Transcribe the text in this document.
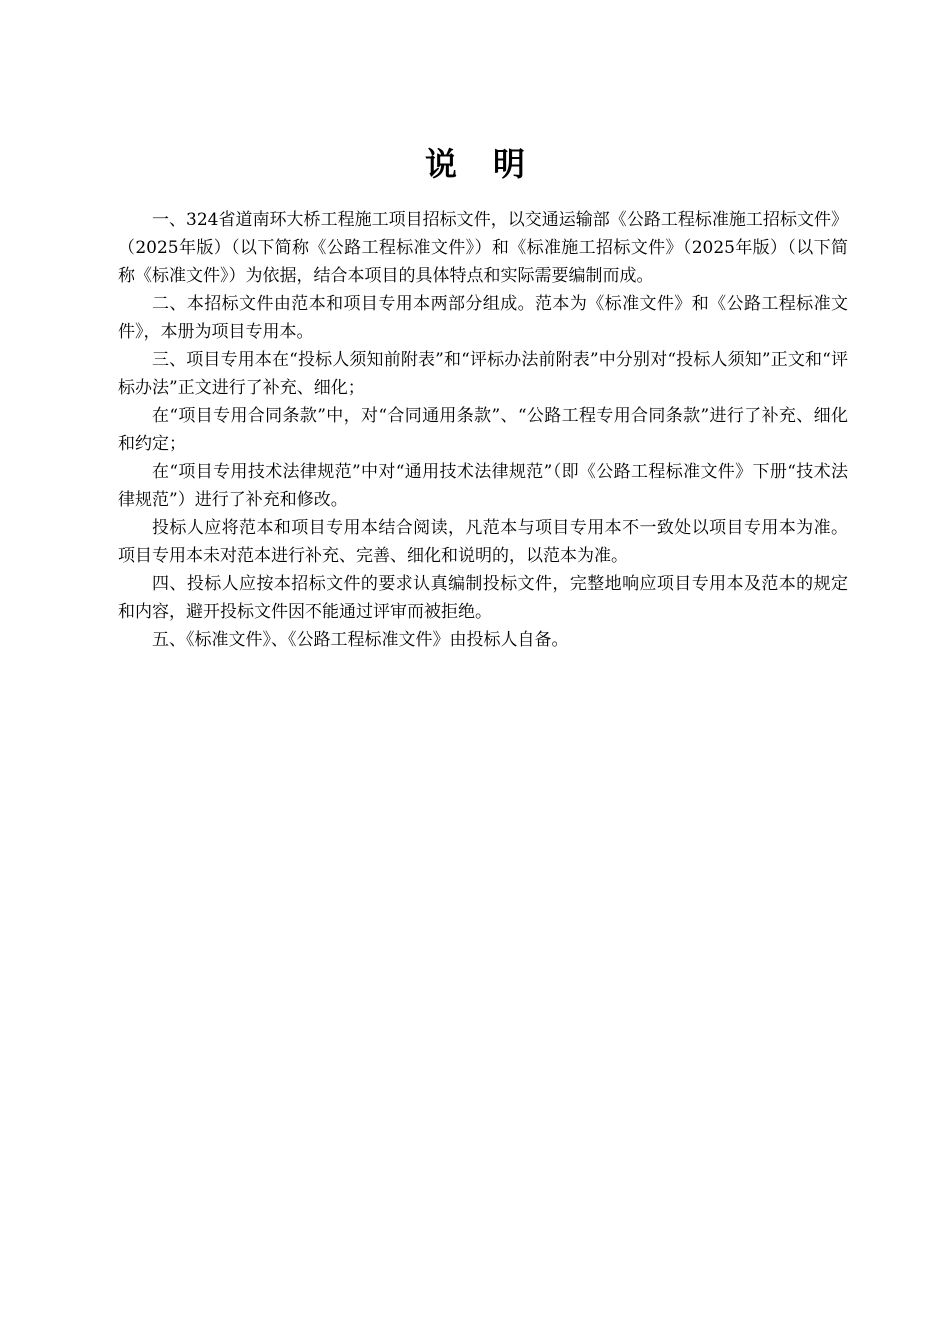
说明

一、324省道南环大桥工程施工项目招标文件，以交通运输部《公路工程标准施工招标文件》（2025年版）（以下简称《公路工程标准文件》）和《标准施工招标文件》（2025年版）（以下简称《标准文件》）为依据，结合本项目的具体特点和实际需要编制而成。

二、本招标文件由范本和项目专用本两部分组成。范本为《标准文件》和《公路工程标准文件》，本册为项目专用本。

三、项目专用本在“投标人须知前附表”和“评标办法前附表”中分别对“投标人须知”正文和“评标办法”正文进行了补充、细化；

在“项目专用合同条款”中，对“合同通用条款”、“公路工程专用合同条款”进行了补充、细化和约定；

在“项目专用技术法律规范”中对“通用技术法律规范”（即《公路工程标准文件》下册“技术法律规范”）进行了补充和修改。

投标人应将范本和项目专用本结合阅读，凡范本与项目专用本不一致处以项目专用本为准。项目专用本未对范本进行补充、完善、细化和说明的，以范本为准。

四、投标人应按本招标文件的要求认真编制投标文件，完整地响应项目专用本及范本的规定和内容，避开投标文件因不能通过评审而被拒绝。

五、《标准文件》、《公路工程标准文件》由投标人自备。
